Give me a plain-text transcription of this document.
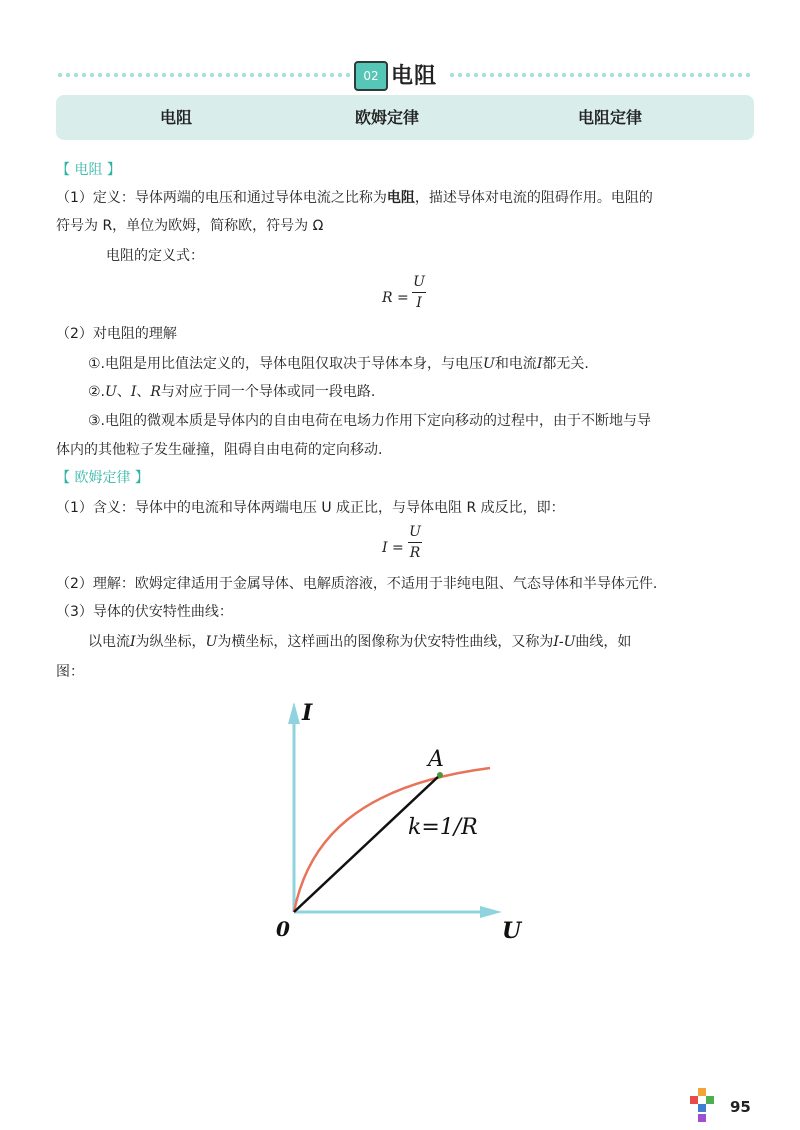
02 电阻
电阻	欧姆定律	电阻定律
【 电阻 】
（1）定义：导体两端的电压和通过导体电流之比称为电阻，描述导体对电流的阻碍作用。电阻的
符号为 R，单位为欧姆，简称欧，符号为 Ω
电阻的定义式：
R =
U
I
（2）对电阻的理解
①.电阻是用比值法定义的，导体电阻仅取决于导体本身，与电压U和电流I都无关.
②.U、I、R与对应于同一个导体或同一段电路.
③.电阻的微观本质是导体内的自由电荷在电场力作用下定向移动的过程中，由于不断地与导
体内的其他粒子发生碰撞，阻碍自由电荷的定向移动.
【 欧姆定律 】
（1）含义：导体中的电流和导体两端电压 U 成正比，与导体电阻 R 成反比，即：
I =
U
R
（2）理解：欧姆定律适用于金属导体、电解质溶液，不适用于非纯电阻、气态导体和半导体元件.
（3）导体的伏安特性曲线：
以电流I为纵坐标，U为横坐标，这样画出的图像称为伏安特性曲线，又称为I-U曲线，如
图：
I
U
0
A
k=1/R
95
